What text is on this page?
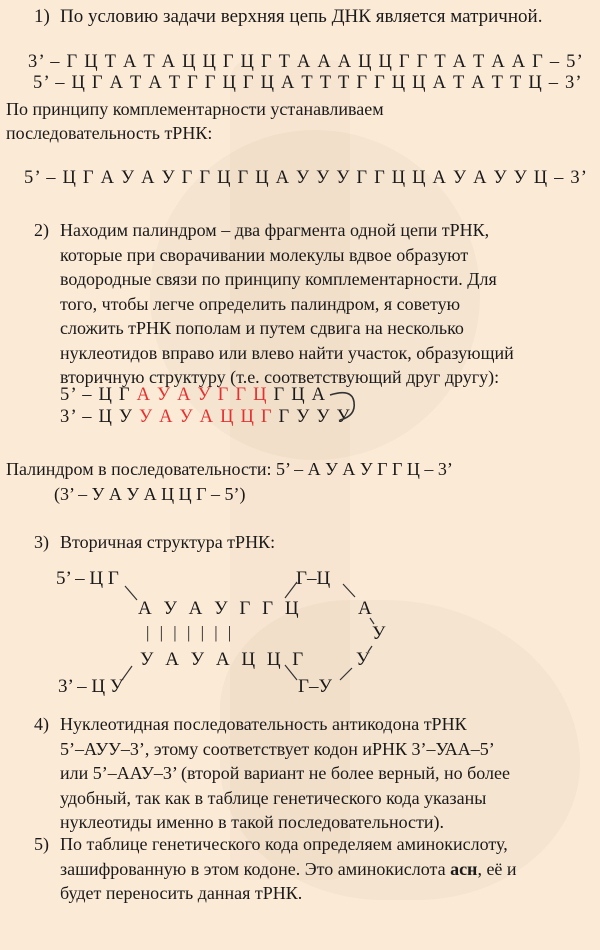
1) По условию задачи верхняя цепь ДНК является матричной.
3’ – Г Ц Т А Т А Ц Ц Г Ц Г Т А А А Ц Ц Г Г Т А Т А А Г – 5’
5’ – Ц Г А Т А Т Г Г Ц Г Ц А Т Т Т Г Г Ц Ц А Т А Т Т Ц – 3’
По принципу комплементарности устанавливаем
последовательность тРНК:
5’ – Ц Г А У А У Г Г Ц Г Ц А У У У Г Г Ц Ц А У А У У Ц – 3’
2) Находим палиндром – два фрагмента одной цепи тРНК,
которые при сворачивании молекулы вдвое образуют
водородные связи по принципу комплементарности. Для
того, чтобы легче определить палиндром, я советую
сложить тРНК пополам и путем сдвига на несколько
нуклеотидов вправо или влево найти участок, образующий
вторичную структуру (т.е. соответствующий друг другу):
5’ – Ц Г А У А У Г Г Ц Г Ц А
3’ – Ц У У А У А Ц Ц Г Г У У У
Палиндром в последовательности: 5’ – А У А У Г Г Ц – 3’
(3’ – У А У А Ц Ц Г – 5’)
3) Вторичная структура тРНК:
5’ – Ц Г
А У А У Г Г Ц
| | | | | | |
У А У А Ц Ц Г
3’ – Ц У
Г–Ц
А
У
У
Г–У
4) Нуклеотидная последовательность антикодона тРНК
5’–АУУ–3’, этому соответствует кодон иРНК 3’–УАА–5’
или 5’–ААУ–3’ (второй вариант не более верный, но более
удобный, так как в таблице генетического кода указаны
нуклеотиды именно в такой последовательности).
5) По таблице генетического кода определяем аминокислоту,
зашифрованную в этом кодоне. Это аминокислота асн, её и
будет переносить данная тРНК.
